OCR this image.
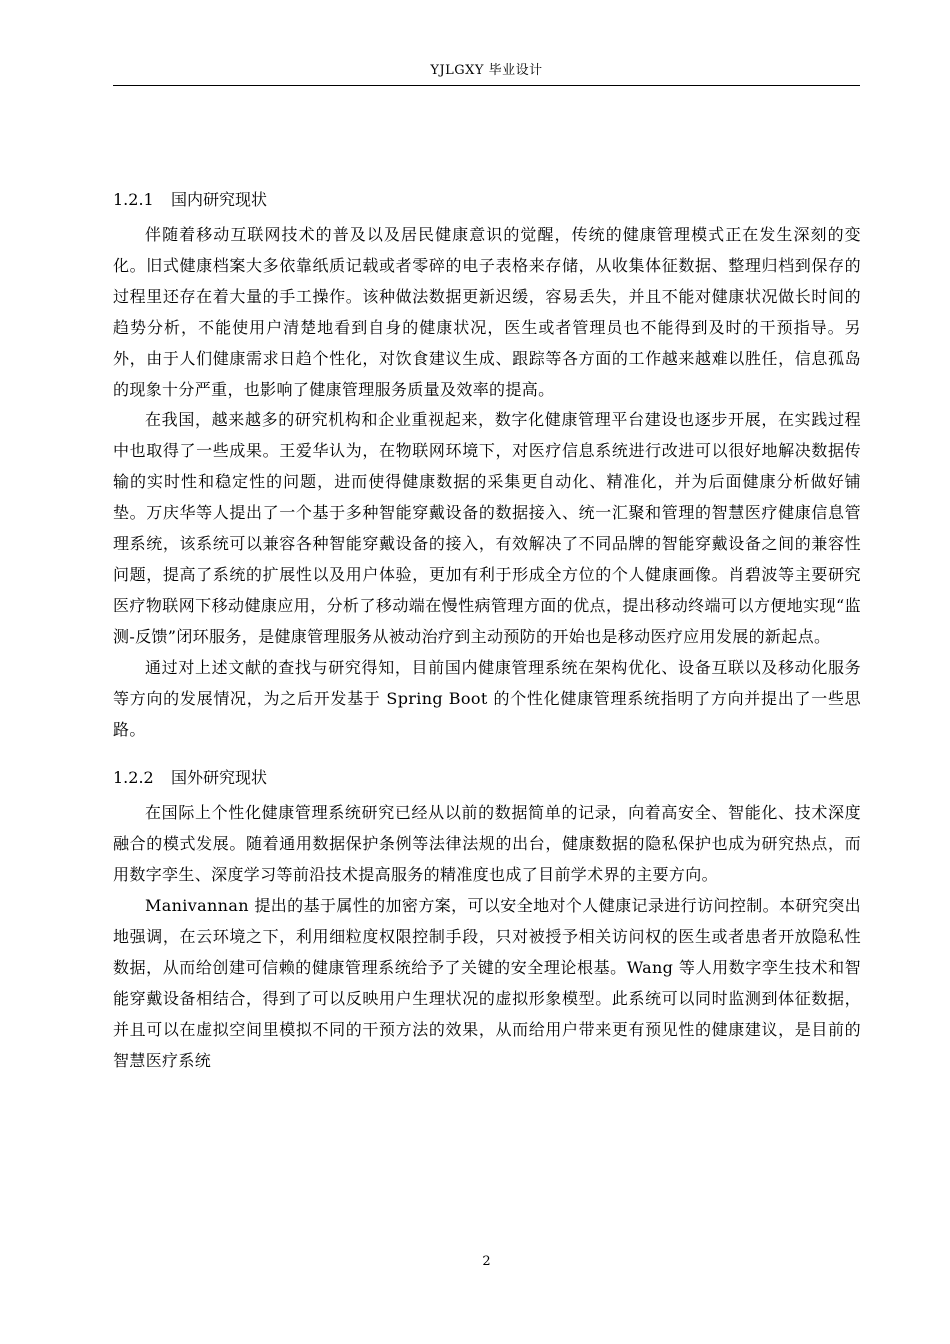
YJLGXY 毕业设计
1.2.1 国内研究现状

伴随着移动互联网技术的普及以及居民健康意识的觉醒，传统的健康管理模式正在发生深刻的变化。旧式健康档案大多依靠纸质记载或者零碎的电子表格来存储，从收集体征数据、整理归档到保存的过程里还存在着大量的手工操作。该种做法数据更新迟缓，容易丢失，并且不能对健康状况做长时间的趋势分析，不能使用户清楚地看到自身的健康状况，医生或者管理员也不能得到及时的干预指导。另外，由于人们健康需求日趋个性化，对饮食建议生成、跟踪等各方面的工作越来越难以胜任，信息孤岛的现象十分严重，也影响了健康管理服务质量及效率的提高。

在我国，越来越多的研究机构和企业重视起来，数字化健康管理平台建设也逐步开展，在实践过程中也取得了一些成果。王爱华认为，在物联网环境下，对医疗信息系统进行改进可以很好地解决数据传输的实时性和稳定性的问题，进而使得健康数据的采集更自动化、精准化，并为后面健康分析做好铺垫。万庆华等人提出了一个基于多种智能穿戴设备的数据接入、统一汇聚和管理的智慧医疗健康信息管理系统，该系统可以兼容各种智能穿戴设备的接入，有效解决了不同品牌的智能穿戴设备之间的兼容性问题，提高了系统的扩展性以及用户体验，更加有利于形成全方位的个人健康画像。肖碧波等主要研究医疗物联网下移动健康应用，分析了移动端在慢性病管理方面的优点，提出移动终端可以方便地实现“监测-反馈”闭环服务，是健康管理服务从被动治疗到主动预防的开始也是移动医疗应用发展的新起点。

通过对上述文献的查找与研究得知，目前国内健康管理系统在架构优化、设备互联以及移动化服务等方向的发展情况，为之后开发基于 Spring Boot 的个性化健康管理系统指明了方向并提出了一些思路。

1.2.2 国外研究现状

在国际上个性化健康管理系统研究已经从以前的数据简单的记录，向着高安全、智能化、技术深度融合的模式发展。随着通用数据保护条例等法律法规的出台，健康数据的隐私保护也成为研究热点，而用数字孪生、深度学习等前沿技术提高服务的精准度也成了目前学术界的主要方向。

Manivannan 提出的基于属性的加密方案，可以安全地对个人健康记录进行访问控制。本研究突出地强调，在云环境之下，利用细粒度权限控制手段，只对被授予相关访问权的医生或者患者开放隐私性数据，从而给创建可信赖的健康管理系统给予了关键的安全理论根基。Wang 等人用数字孪生技术和智能穿戴设备相结合，得到了可以反映用户生理状况的虚拟形象模型。此系统可以同时监测到体征数据，并且可以在虚拟空间里模拟不同的干预方法的效果，从而给用户带来更有预见性的健康建议，是目前的智慧医疗系统

2
